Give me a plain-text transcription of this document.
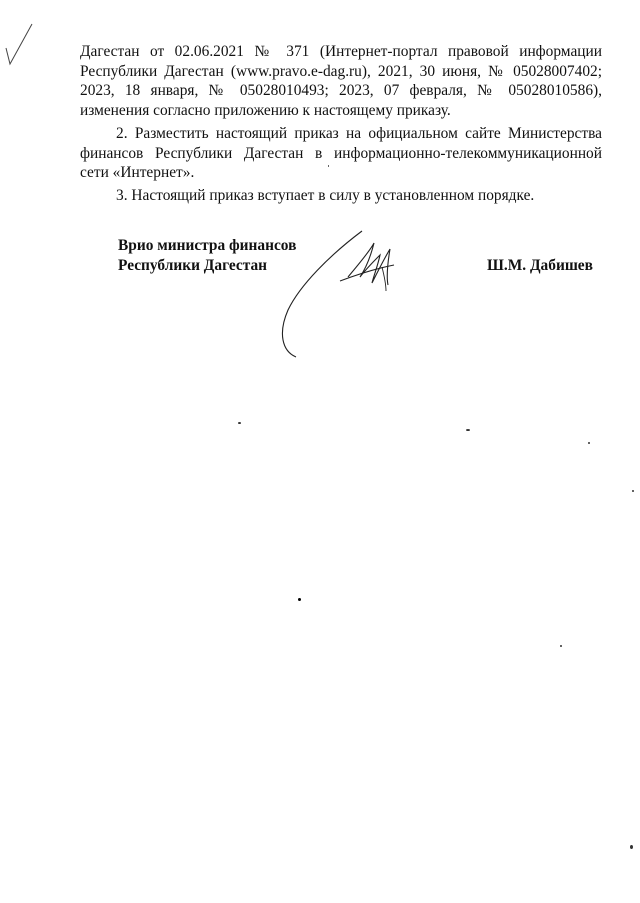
Дагестан от 02.06.2021 № 371 (Интернет-портал правовой информации Республики Дагестан (www.pravo.e-dag.ru), 2021, 30 июня, № 05028007402; 2023, 18 января, № 05028010493; 2023, 07 февраля, № 05028010586), изменения согласно приложению к настоящему приказу.
2. Разместить настоящий приказ на официальном сайте Министерства финансов Республики Дагестан в информационно-телекоммуникационной сети «Интернет».
3. Настоящий приказ вступает в силу в установленном порядке.
Врио министра финансов
Республики Дагестан	Ш.М. Дабишев
